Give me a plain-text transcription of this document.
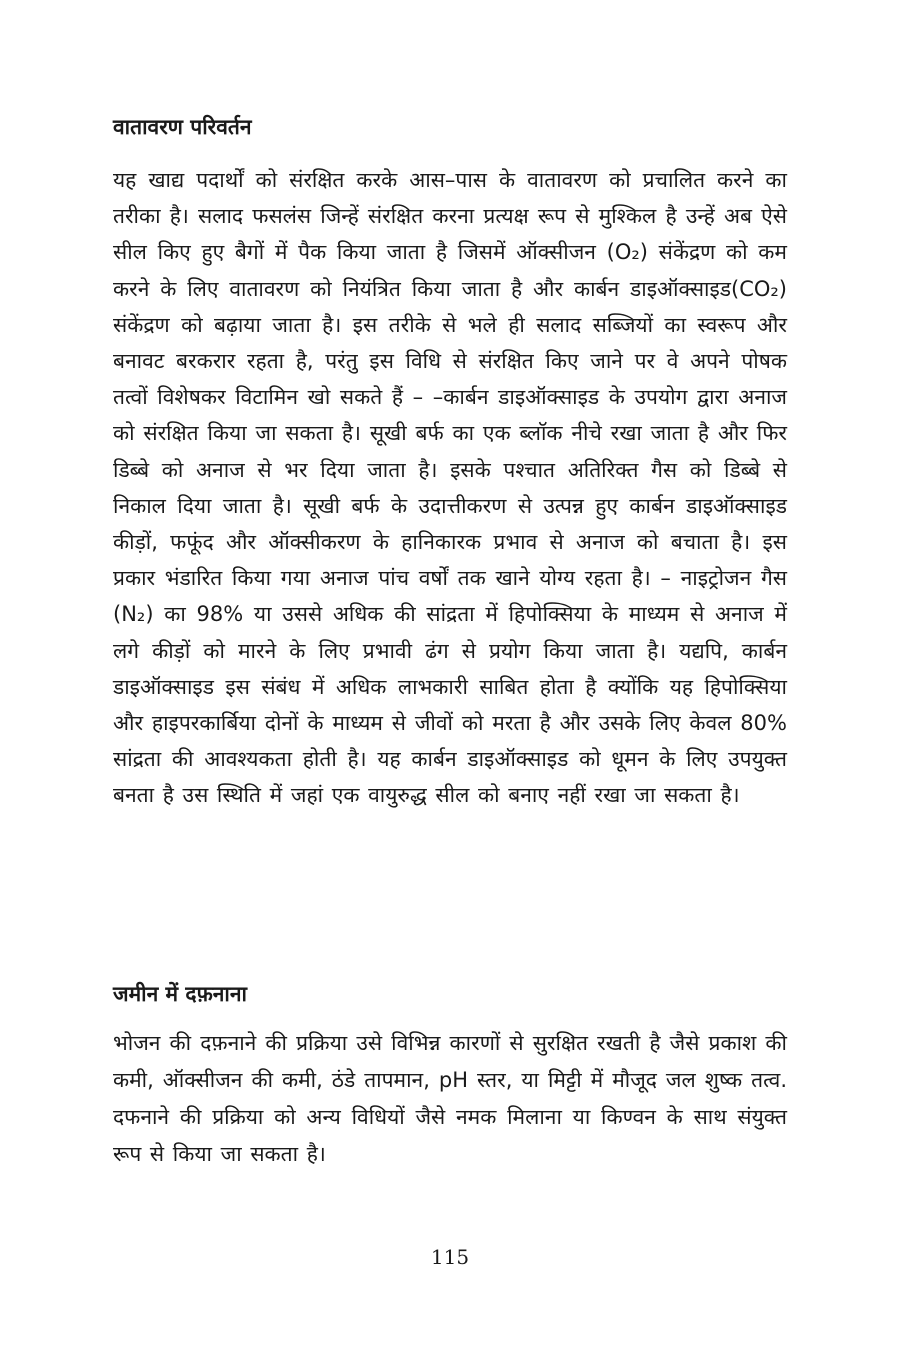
वातावरण परिवर्तन

यह खाद्य पदार्थों को संरक्षित करके आस–पास के वातावरण को प्रचालित करने का तरीका है। सलाद फसलंस जिन्हें संरक्षित करना प्रत्यक्ष रूप से मुश्किल है उन्हें अब ऐसे सील किए हुए बैगों में पैक किया जाता है जिसमें ऑक्सीजन (O₂) संकेंद्रण को कम करने के लिए वातावरण को नियंत्रित किया जाता है और कार्बन डाइऑक्साइड(CO₂) संकेंद्रण को बढ़ाया जाता है। इस तरीके से भले ही सलाद सब्जियों का स्वरूप और बनावट बरकरार रहता है, परंतु इस विधि से संरक्षित किए जाने पर वे अपने पोषक तत्वों विशेषकर विटामिन खो सकते हैं – –कार्बन डाइऑक्साइड के उपयोग द्वारा अनाज को संरक्षित किया जा सकता है। सूखी बर्फ का एक ब्लॉक नीचे रखा जाता है और फिर डिब्बे को अनाज से भर दिया जाता है। इसके पश्चात अतिरिक्त गैस को डिब्बे से निकाल दिया जाता है। सूखी बर्फ के उदात्तीकरण से उत्पन्न हुए कार्बन डाइऑक्साइड कीड़ों, फफूंद और ऑक्सीकरण के हानिकारक प्रभाव से अनाज को बचाता है। इस प्रकार भंडारित किया गया अनाज पांच वर्षों तक खाने योग्य रहता है। – नाइट्रोजन गैस (N₂) का 98% या उससे अधिक की सांद्रता में हिपोक्सिया के माध्यम से अनाज में लगे कीड़ों को मारने के लिए प्रभावी ढंग से प्रयोग किया जाता है। यद्यपि, कार्बन डाइऑक्साइड इस संबंध में अधिक लाभकारी साबित होता है क्योंकि यह हिपोक्सिया और हाइपरकार्बिया दोनों के माध्यम से जीवों को मरता है और उसके लिए केवल 80% सांद्रता की आवश्यकता होती है। यह कार्बन डाइऑक्साइड को धूमन के लिए उपयुक्त बनता है उस स्थिति में जहां एक वायुरुद्ध सील को बनाए नहीं रखा जा सकता है।

जमीन में दफ़नाना

भोजन की दफ़नाने की प्रक्रिया उसे विभिन्न कारणों से सुरक्षित रखती है जैसे प्रकाश की कमी, ऑक्सीजन की कमी, ठंडे तापमान, pH स्तर, या मिट्टी में मौजूद जल शुष्क तत्व. दफनाने की प्रक्रिया को अन्य विधियों जैसे नमक मिलाना या किण्वन के साथ संयुक्त रूप से किया जा सकता है।

115
